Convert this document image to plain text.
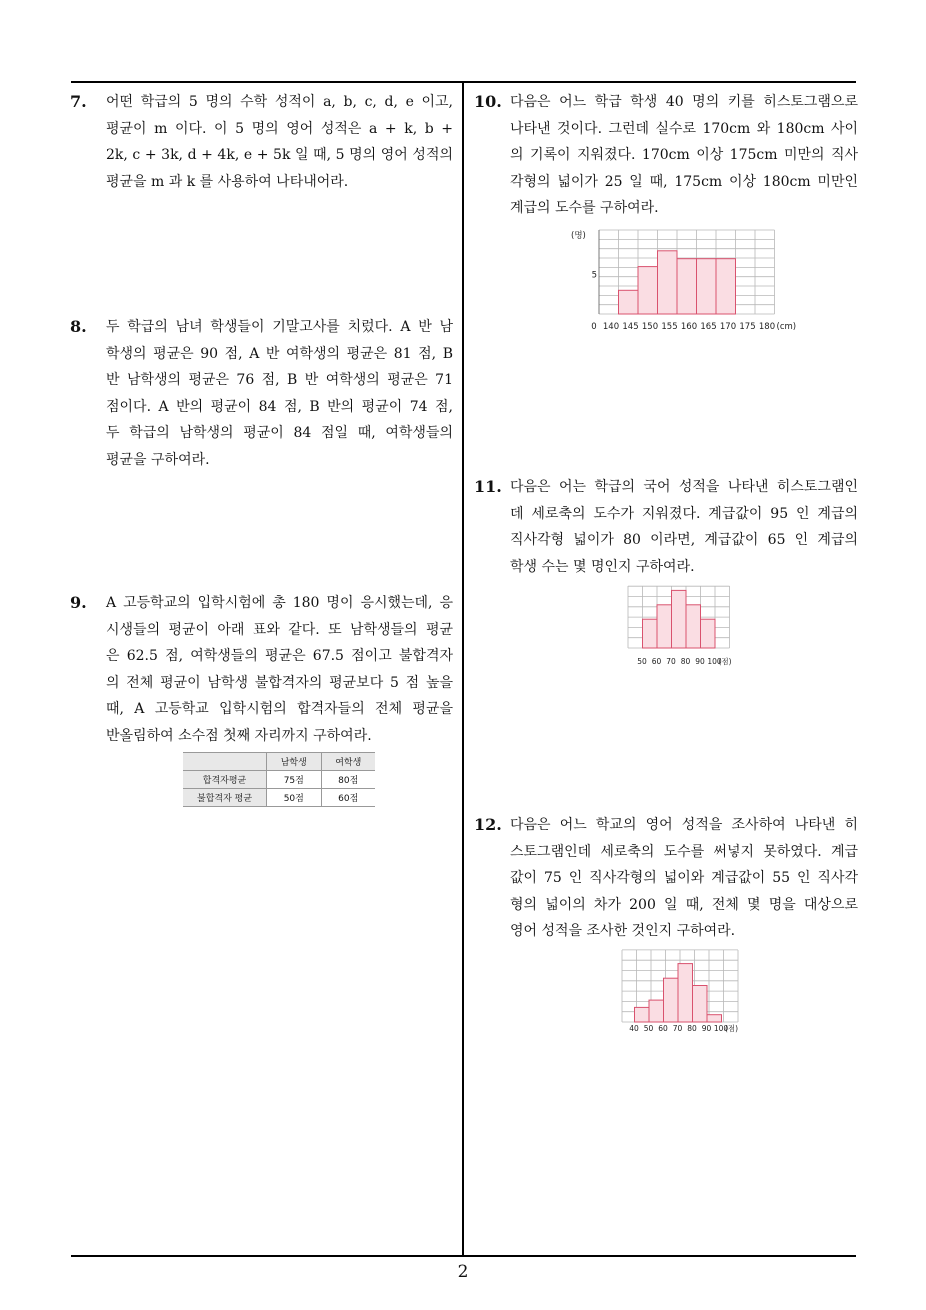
7. 어떤 학급의 5 명의 수학 성적이 a, b, c, d, e 이고,
평균이 m 이다. 이 5 명의 영어 성적은 a + k, b +
2k, c + 3k, d + 4k, e + 5k 일 때, 5 명의 영어 성적의
평균을 m 과 k 를 사용하여 나타내어라.
8. 두 학급의 남녀 학생들이 기말고사를 치렀다. A 반 남
학생의 평균은 90 점, A 반 여학생의 평균은 81 점, B
반 남학생의 평균은 76 점, B 반 여학생의 평균은 71
점이다. A 반의 평균이 84 점, B 반의 평균이 74 점,
두 학급의 남학생의 평균이 84 점일 때, 여학생들의
평균을 구하여라.
9. A 고등학교의 입학시험에 총 180 명이 응시했는데, 응
시생들의 평균이 아래 표와 같다. 또 남학생들의 평균
은 62.5 점, 여학생들의 평균은 67.5 점이고 불합격자
의 전체 평균이 남학생 불합격자의 평균보다 5 점 높을
때, A 고등학교 입학시험의 합격자들의 전체 평균을
반올림하여 소수점 첫째 자리까지 구하여라.
	남학생	여학생
합격자평균	75점	80점
불합격자 평균	50점	60점
10. 다음은 어느 학급 학생 40 명의 키를 히스토그램으로
나타낸 것이다. 그런데 실수로 170cm 와 180cm 사이
의 기록이 지워졌다. 170cm 이상 175cm 미만의 직사
각형의 넓이가 25 일 때, 175cm 이상 180cm 미만인
계급의 도수를 구하여라.
0 140 145 150 155 160 165 170 175 180 (cm)
(명)
5
11. 다음은 어는 학급의 국어 성적을 나타낸 히스토그램인
데 세로축의 도수가 지워졌다. 계급값이 95 인 계급의
직사각형 넓이가 80 이라면, 계급값이 65 인 계급의
학생 수는 몇 명인지 구하여라.
50 60 70 80 90 100
(점)
12. 다음은 어느 학교의 영어 성적을 조사하여 나타낸 히
스토그램인데 세로축의 도수를 써넣지 못하였다. 계급
값이 75 인 직사각형의 넓이와 계급값이 55 인 직사각
형의 넓이의 차가 200 일 때, 전체 몇 명을 대상으로
영어 성적을 조사한 것인지 구하여라.
40 50 60 70 80 90 100
(점)
2
